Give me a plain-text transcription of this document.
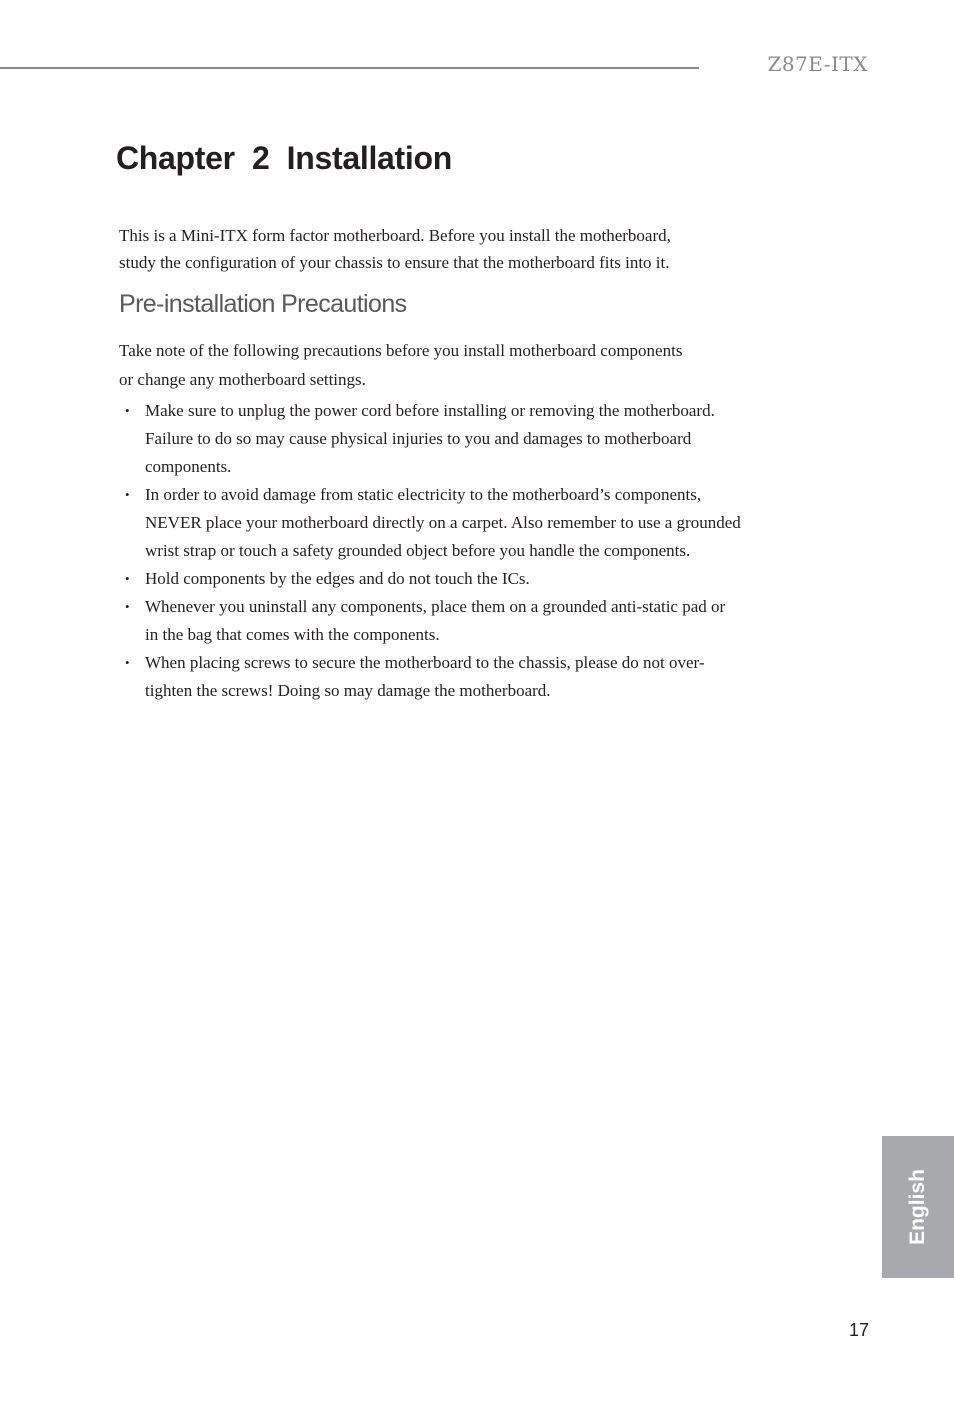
Z87E-ITX
Chapter  2  Installation

This is a Mini-ITX form factor motherboard. Before you install the motherboard,
study the configuration of your chassis to ensure that the motherboard fits into it.

Pre-installation Precautions

Take note of the following precautions before you install motherboard components
or change any motherboard settings.

• Make sure to unplug the power cord before installing or removing the motherboard.
Failure to do so may cause physical injuries to you and damages to motherboard
components.
• In order to avoid damage from static electricity to the motherboard’s components,
NEVER place your motherboard directly on a carpet. Also remember to use a grounded
wrist strap or touch a safety grounded object before you handle the components.
• Hold components by the edges and do not touch the ICs.
• Whenever you uninstall any components, place them on a grounded anti-static pad or
in the bag that comes with the components.
• When placing screws to secure the motherboard to the chassis, please do not over-
tighten the screws! Doing so may damage the motherboard.
English
17
